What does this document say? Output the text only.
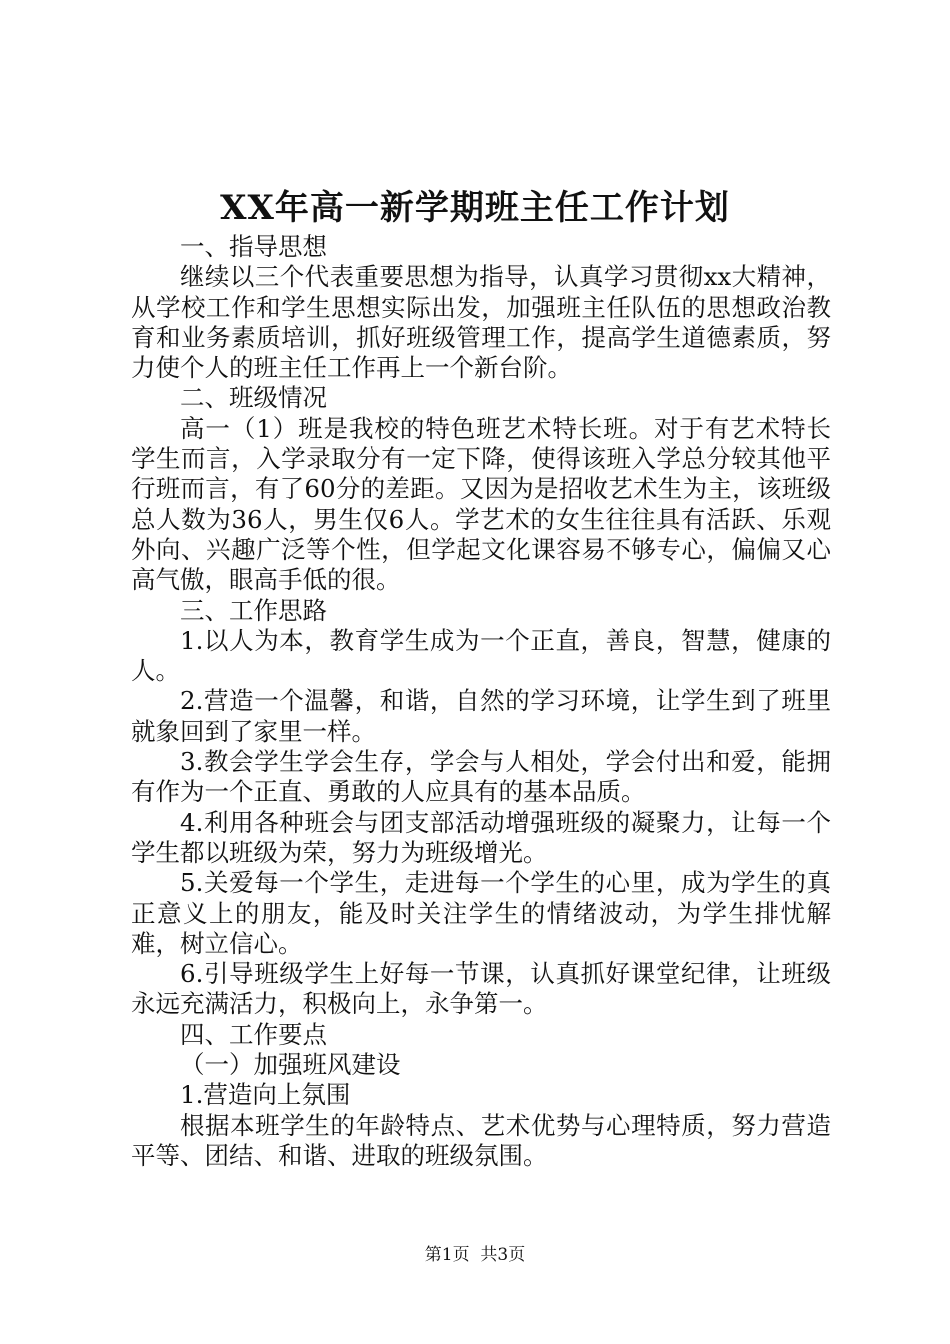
XX年高一新学期班主任工作计划

一、指导思想

继续以三个代表重要思想为指导，认真学习贯彻xx大精神，从学校工作和学生思想实际出发，加强班主任队伍的思想政治教育和业务素质培训，抓好班级管理工作，提高学生道德素质，努力使个人的班主任工作再上一个新台阶。

二、班级情况

高一（1）班是我校的特色班艺术特长班。对于有艺术特长学生而言，入学录取分有一定下降，使得该班入学总分较其他平行班而言，有了60分的差距。又因为是招收艺术生为主，该班级总人数为36人，男生仅6人。学艺术的女生往往具有活跃、乐观外向、兴趣广泛等个性，但学起文化课容易不够专心，偏偏又心高气傲，眼高手低的很。

三、工作思路

1.以人为本，教育学生成为一个正直，善良，智慧，健康的人。

2.营造一个温馨，和谐，自然的学习环境，让学生到了班里就象回到了家里一样。

3.教会学生学会生存，学会与人相处，学会付出和爱，能拥有作为一个正直、勇敢的人应具有的基本品质。

4.利用各种班会与团支部活动增强班级的凝聚力，让每一个学生都以班级为荣，努力为班级增光。

5.关爱每一个学生，走进每一个学生的心里，成为学生的真正意义上的朋友，能及时关注学生的情绪波动，为学生排忧解难，树立信心。

6.引导班级学生上好每一节课，认真抓好课堂纪律，让班级永远充满活力，积极向上，永争第一。

四、工作要点

（一）加强班风建设

1.营造向上氛围

根据本班学生的年龄特点、艺术优势与心理特质，努力营造平等、团结、和谐、进取的班级氛围。

第1页  共3页
